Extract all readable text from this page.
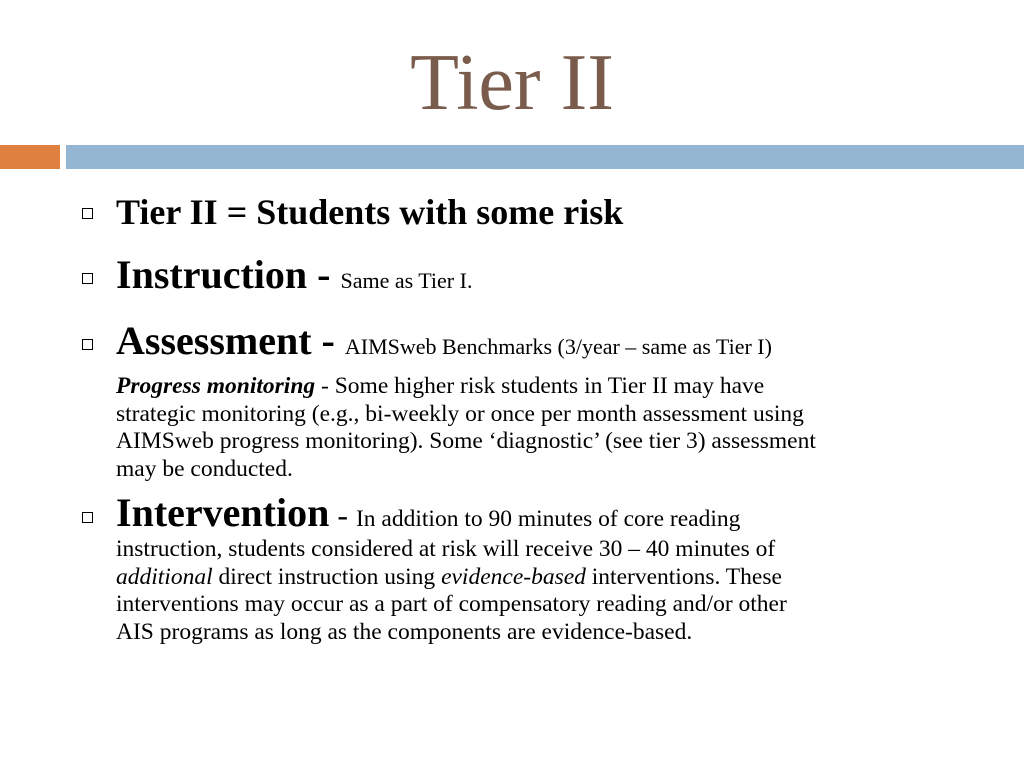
Tier II
Tier II = Students with some risk
Instruction - Same as Tier I.
Assessment - AIMSweb Benchmarks (3/year – same as Tier I)
Progress monitoring - Some higher risk students in Tier II may have
strategic monitoring (e.g., bi-weekly or once per month assessment using
AIMSweb progress monitoring). Some ‘diagnostic’ (see tier 3) assessment
may be conducted.
Intervention - In addition to 90 minutes of core reading
instruction, students considered at risk will receive 30 – 40 minutes of
additional direct instruction using evidence-based interventions. These
interventions may occur as a part of compensatory reading and/or other
AIS programs as long as the components are evidence-based.
